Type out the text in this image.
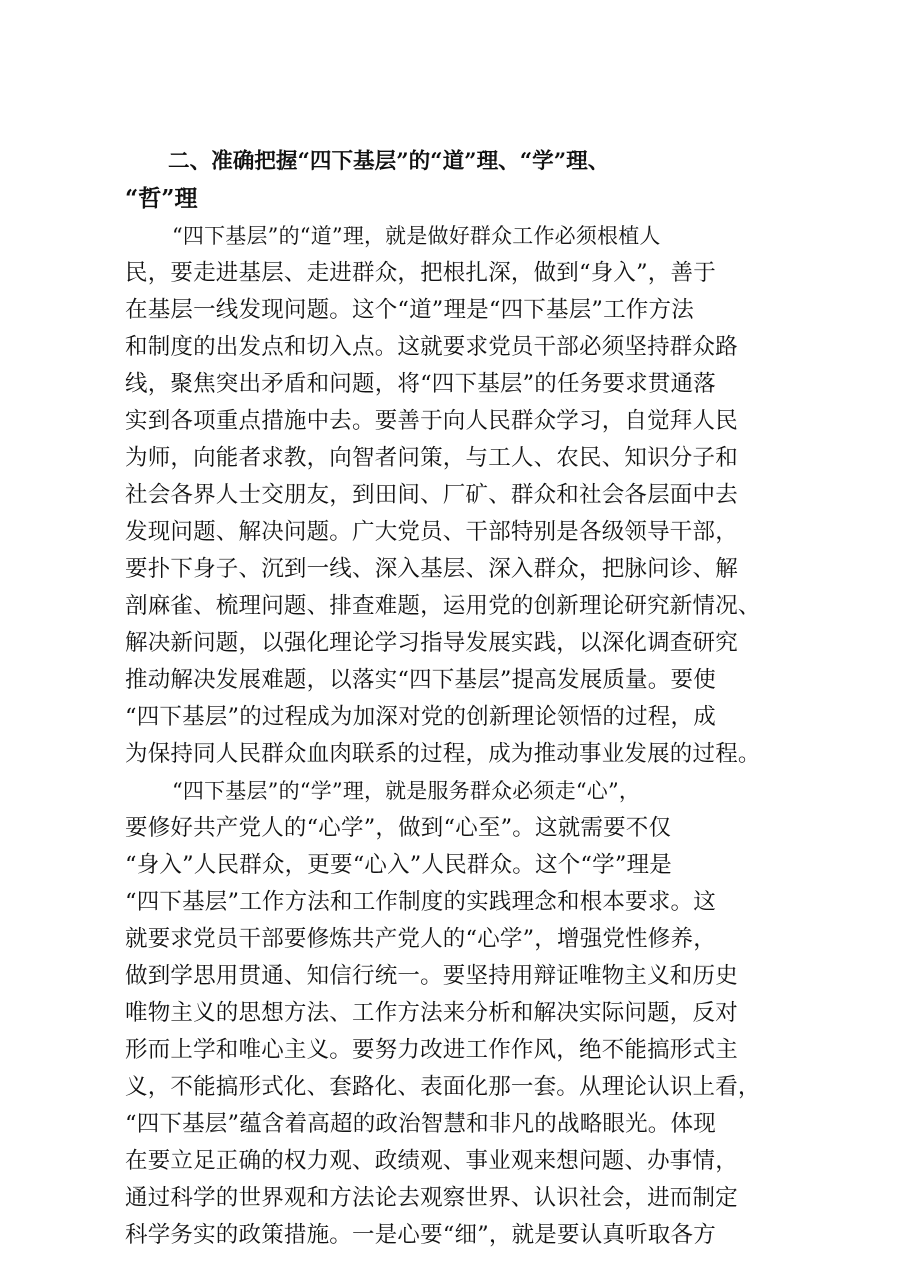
二、准确把握“四下基层”的“道”理、“学”理、
“哲”理

“四下基层”的“道”理，就是做好群众工作必须根植人

民，要走进基层、走进群众，把根扎深，做到“身入”，善于

在基层一线发现问题。这个“道”理是“四下基层”工作方法

和制度的出发点和切入点。这就要求党员干部必须坚持群众路

线，聚焦突出矛盾和问题，将“四下基层”的任务要求贯通落

实到各项重点措施中去。要善于向人民群众学习，自觉拜人民

为师，向能者求教，向智者问策，与工人、农民、知识分子和

社会各界人士交朋友，到田间、厂矿、群众和社会各层面中去

发现问题、解决问题。广大党员、干部特别是各级领导干部，

要扑下身子、沉到一线、深入基层、深入群众，把脉问诊、解

剖麻雀、梳理问题、排查难题，运用党的创新理论研究新情况、

解决新问题，以强化理论学习指导发展实践，以深化调查研究

推动解决发展难题，以落实“四下基层”提高发展质量。要使

“四下基层”的过程成为加深对党的创新理论领悟的过程，成

为保持同人民群众血肉联系的过程，成为推动事业发展的过程。

“四下基层”的“学”理，就是服务群众必须走“心”，

要修好共产党人的“心学”，做到“心至”。这就需要不仅

“身入”人民群众，更要“心入”人民群众。这个“学”理是

“四下基层”工作方法和工作制度的实践理念和根本要求。这

就要求党员干部要修炼共产党人的“心学”，增强党性修养，

做到学思用贯通、知信行统一。要坚持用辩证唯物主义和历史

唯物主义的思想方法、工作方法来分析和解决实际问题，反对

形而上学和唯心主义。要努力改进工作作风，绝不能搞形式主

义，不能搞形式化、套路化、表面化那一套。从理论认识上看，

“四下基层”蕴含着高超的政治智慧和非凡的战略眼光。体现

在要立足正确的权力观、政绩观、事业观来想问题、办事情，

通过科学的世界观和方法论去观察世界、认识社会，进而制定

科学务实的政策措施。一是心要“细”，就是要认真听取各方
